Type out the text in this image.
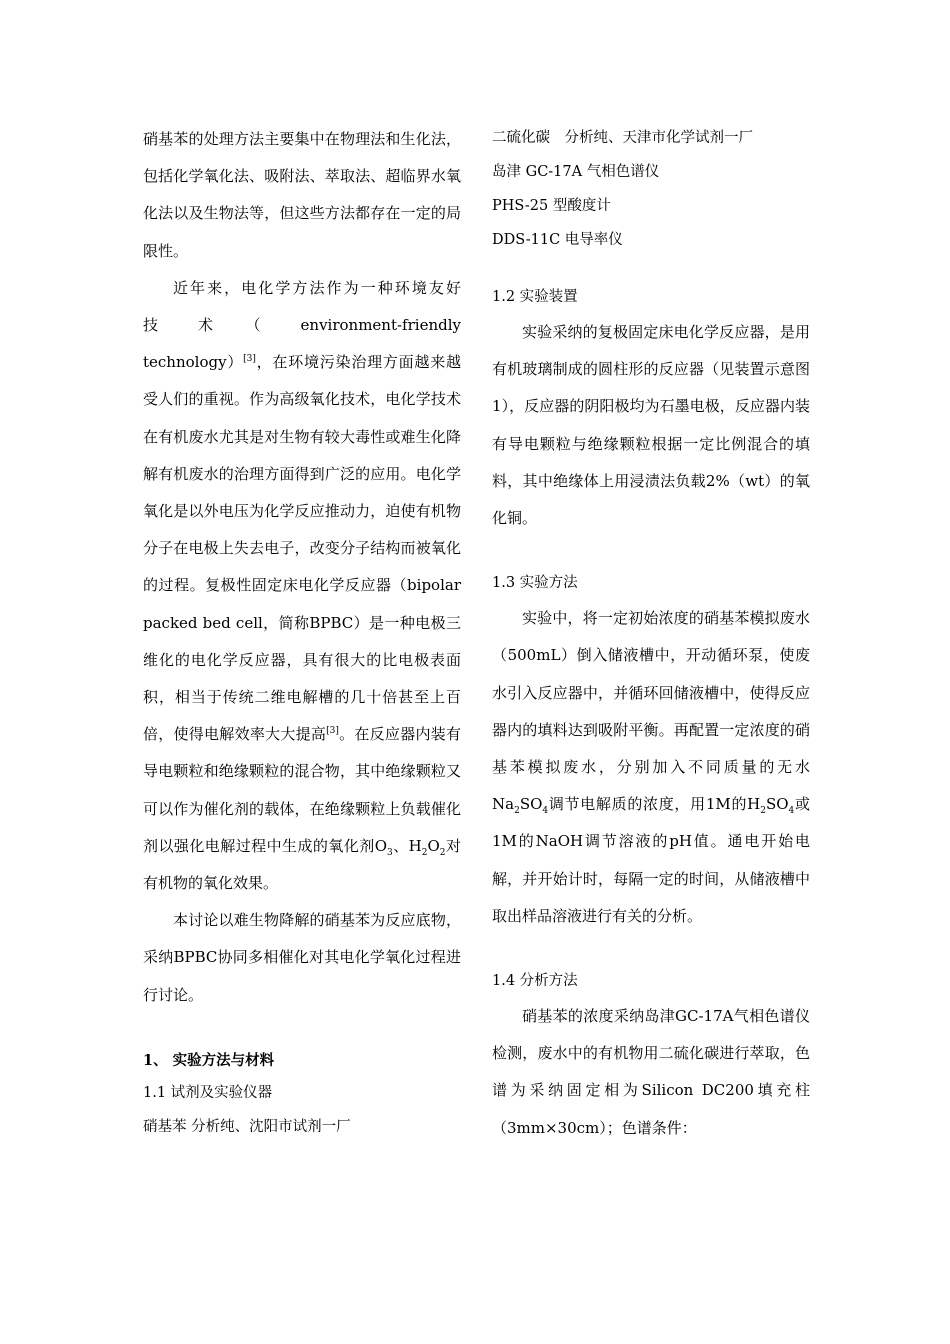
硝基苯的处理方法主要集中在物理法和生化法，包括化学氧化法、吸附法、萃取法、超临界水氧化法以及生物法等，但这些方法都存在一定的局限性。

近年来，电化学方法作为一种环境友好

技　　术　　（　　environment-friendly

technology）[3]，在环境污染治理方面越来越受人们的重视。作为高级氧化技术，电化学技术在有机废水尤其是对生物有较大毒性或难生化降解有机废水的治理方面得到广泛的应用。电化学氧化是以外电压为化学反应推动力，迫使有机物分子在电极上失去电子，改变分子结构而被氧化的过程。复极性固定床电化学反应器（bipolar packed bed cell，简称BPBC）是一种电极三维化的电化学反应器，具有很大的比电极表面积，相当于传统二维电解槽的几十倍甚至上百倍，使得电解效率大大提高[3]。在反应器内装有导电颗粒和绝缘颗粒的混合物，其中绝缘颗粒又可以作为催化剂的载体，在绝缘颗粒上负载催化剂以强化电解过程中生成的氧化剂$O_3$、$H_2O_2$对有机物的氧化效果。

本讨论以难生物降解的硝基苯为反应底物，采纳BPBC协同多相催化对其电化学氧化过程进行讨论。

1、 实验方法与材料
1.1 试剂及实验仪器
硝基苯 分析纯、沈阳市试剂一厂
二硫化碳　分析纯、天津市化学试剂一厂
岛津 GC-17A 气相色谱仪
PHS-25 型酸度计
DDS-11C 电导率仪
1.2 实验装置

实验采纳的复极固定床电化学反应器，是用有机玻璃制成的圆柱形的反应器（见装置示意图1），反应器的阴阳极均为石墨电极，反应器内装有导电颗粒与绝缘颗粒根据一定比例混合的填料，其中绝缘体上用浸渍法负载2%（wt）的氧化铜。

1.3 实验方法

实验中，将一定初始浓度的硝基苯模拟废水（500mL）倒入储液槽中，开动循环泵，使废水引入反应器中，并循环回储液槽中，使得反应器内的填料达到吸附平衡。再配置一定浓度的硝基苯模拟废水，分别加入不同质量的无水$Na_2SO_4$调节电解质的浓度，用1M的$H_2SO_4$或1M的NaOH调节溶液的pH值。通电开始电解，并开始计时，每隔一定的时间，从储液槽中取出样品溶液进行有关的分析。

1.4 分析方法

硝基苯的浓度采纳岛津GC-17A气相色谱仪检测，废水中的有机物用二硫化碳进行萃取，色谱为采纳固定相为Silicon DC200填充柱（3mm×30cm）；色谱条件：
